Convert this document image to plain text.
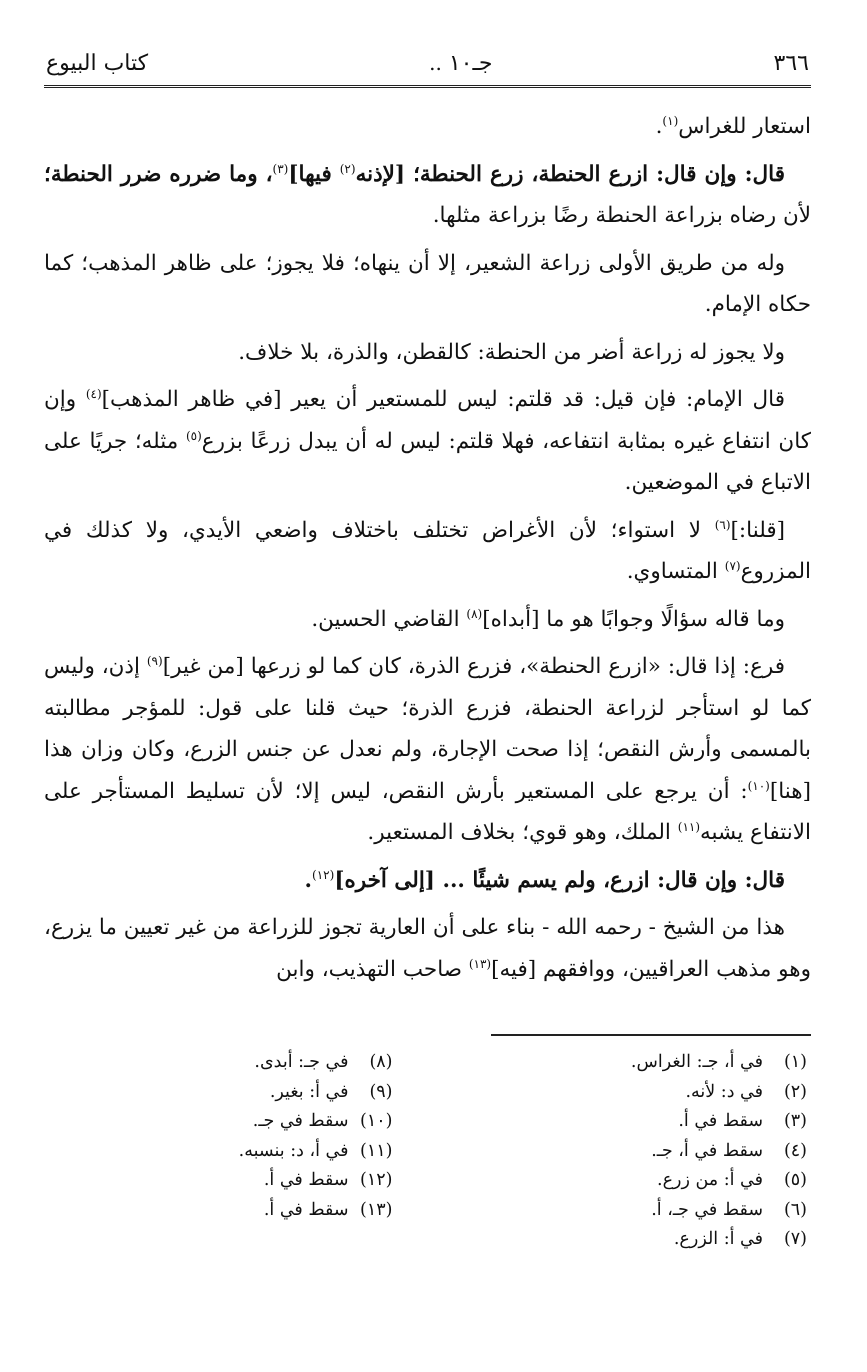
٣٦٦
جـ١٠ ..
كتاب البيوع

استعار للغراس$^{(١)}$.

قال: وإن قال: ازرع الحنطة، زرع الحنطة؛ [لإذنه$^{(٢)}$ فيها]$^{(٣)}$، وما ضرره ضرر الحنطة؛ لأن رضاه بزراعة الحنطة رضًا بزراعة مثلها.

وله من طريق الأولى زراعة الشعير، إلا أن ينهاه؛ فلا يجوز؛ على ظاهر المذهب؛ كما حكاه الإمام.

ولا يجوز له زراعة أضر من الحنطة: كالقطن، والذرة، بلا خلاف.

قال الإمام: فإن قيل: قد قلتم: ليس للمستعير أن يعير [في ظاهر المذهب]$^{(٤)}$ وإن كان انتفاع غيره بمثابة انتفاعه، فهلا قلتم: ليس له أن يبدل زرعًا بزرع$^{(٥)}$ مثله؛ جريًا على الاتباع في الموضعين.

[قلنا:]$^{(٦)}$ لا استواء؛ لأن الأغراض تختلف باختلاف واضعي الأيدي، ولا كذلك في المزروع$^{(٧)}$ المتساوي.

وما قاله سؤالًا وجوابًا هو ما [أبداه]$^{(٨)}$ القاضي الحسين.

فرع: إذا قال: «ازرع الحنطة»، فزرع الذرة، كان كما لو زرعها [من غير]$^{(٩)}$ إذن، وليس كما لو استأجر لزراعة الحنطة، فزرع الذرة؛ حيث قلنا على قول: للمؤجر مطالبته بالمسمى وأرش النقص؛ إذا صحت الإجارة، ولم نعدل عن جنس الزرع، وكان وزان هذا [هنا]$^{(١٠)}$: أن يرجع على المستعير بأرش النقص، ليس إلا؛ لأن تسليط المستأجر على الانتفاع يشبه$^{(١١)}$ الملك، وهو قوي؛ بخلاف المستعير.

قال: وإن قال: ازرع، ولم يسم شيئًا ... [إلى آخره]$^{(١٢)}$.

هذا من الشيخ - رحمه الله - بناء على أن العارية تجوز للزراعة من غير تعيين ما يزرع، وهو مذهب العراقيين، ووافقهم [فيه]$^{(١٣)}$ صاحب التهذيب، وابن

(١)في أ، جـ: الغراس.
(٢)في د: لأنه.
(٣)سقط في أ.
(٤)سقط في أ، جـ.
(٥)في أ: من زرع.
(٦)سقط في جـ، أ.
(٧)في أ: الزرع.
(٨)في جـ: أبدى.
(٩)في أ: بغير.
(١٠)سقط في جـ.
(١١)في أ، د: بنسبه.
(١٢)سقط في أ.
(١٣)سقط في أ.
